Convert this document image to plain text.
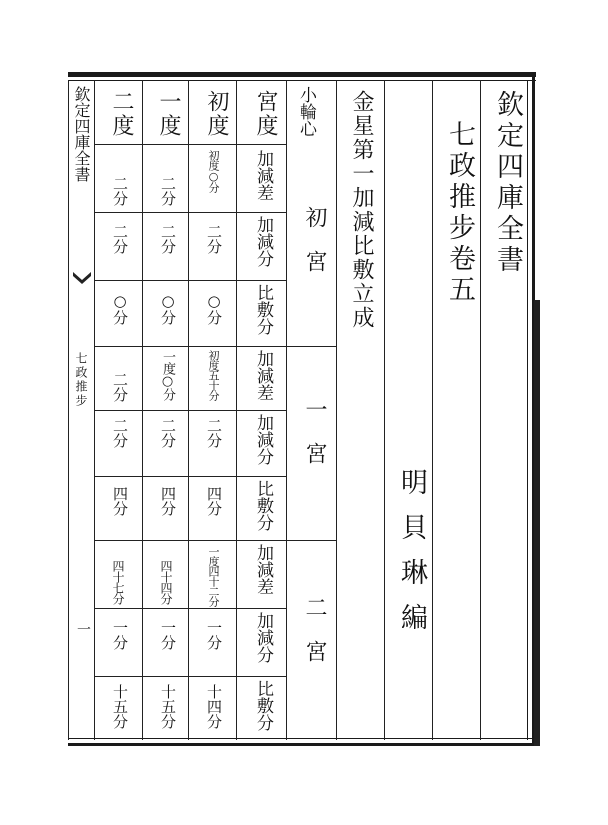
欽定四庫全書
七政推步
一
欽定四庫全書
七政推步卷五
明貝琳編
金星第一加減比敷立成
小輪心
初宮
一宮
二宮
宮度
初度
一度
二度
加減差
加減分
比敷分
加減差
加減分
比敷分
加減差
加減分
比敷分
初度○分
二分
二分
二分
二分
二分
○分
○分
○分
初度五十分
一度○分
二分
二分
二分
二分
四分
四分
四分
一度四十二分
四十四分
四十七分
一分
一分
一分
十四分
十五分
十五分
